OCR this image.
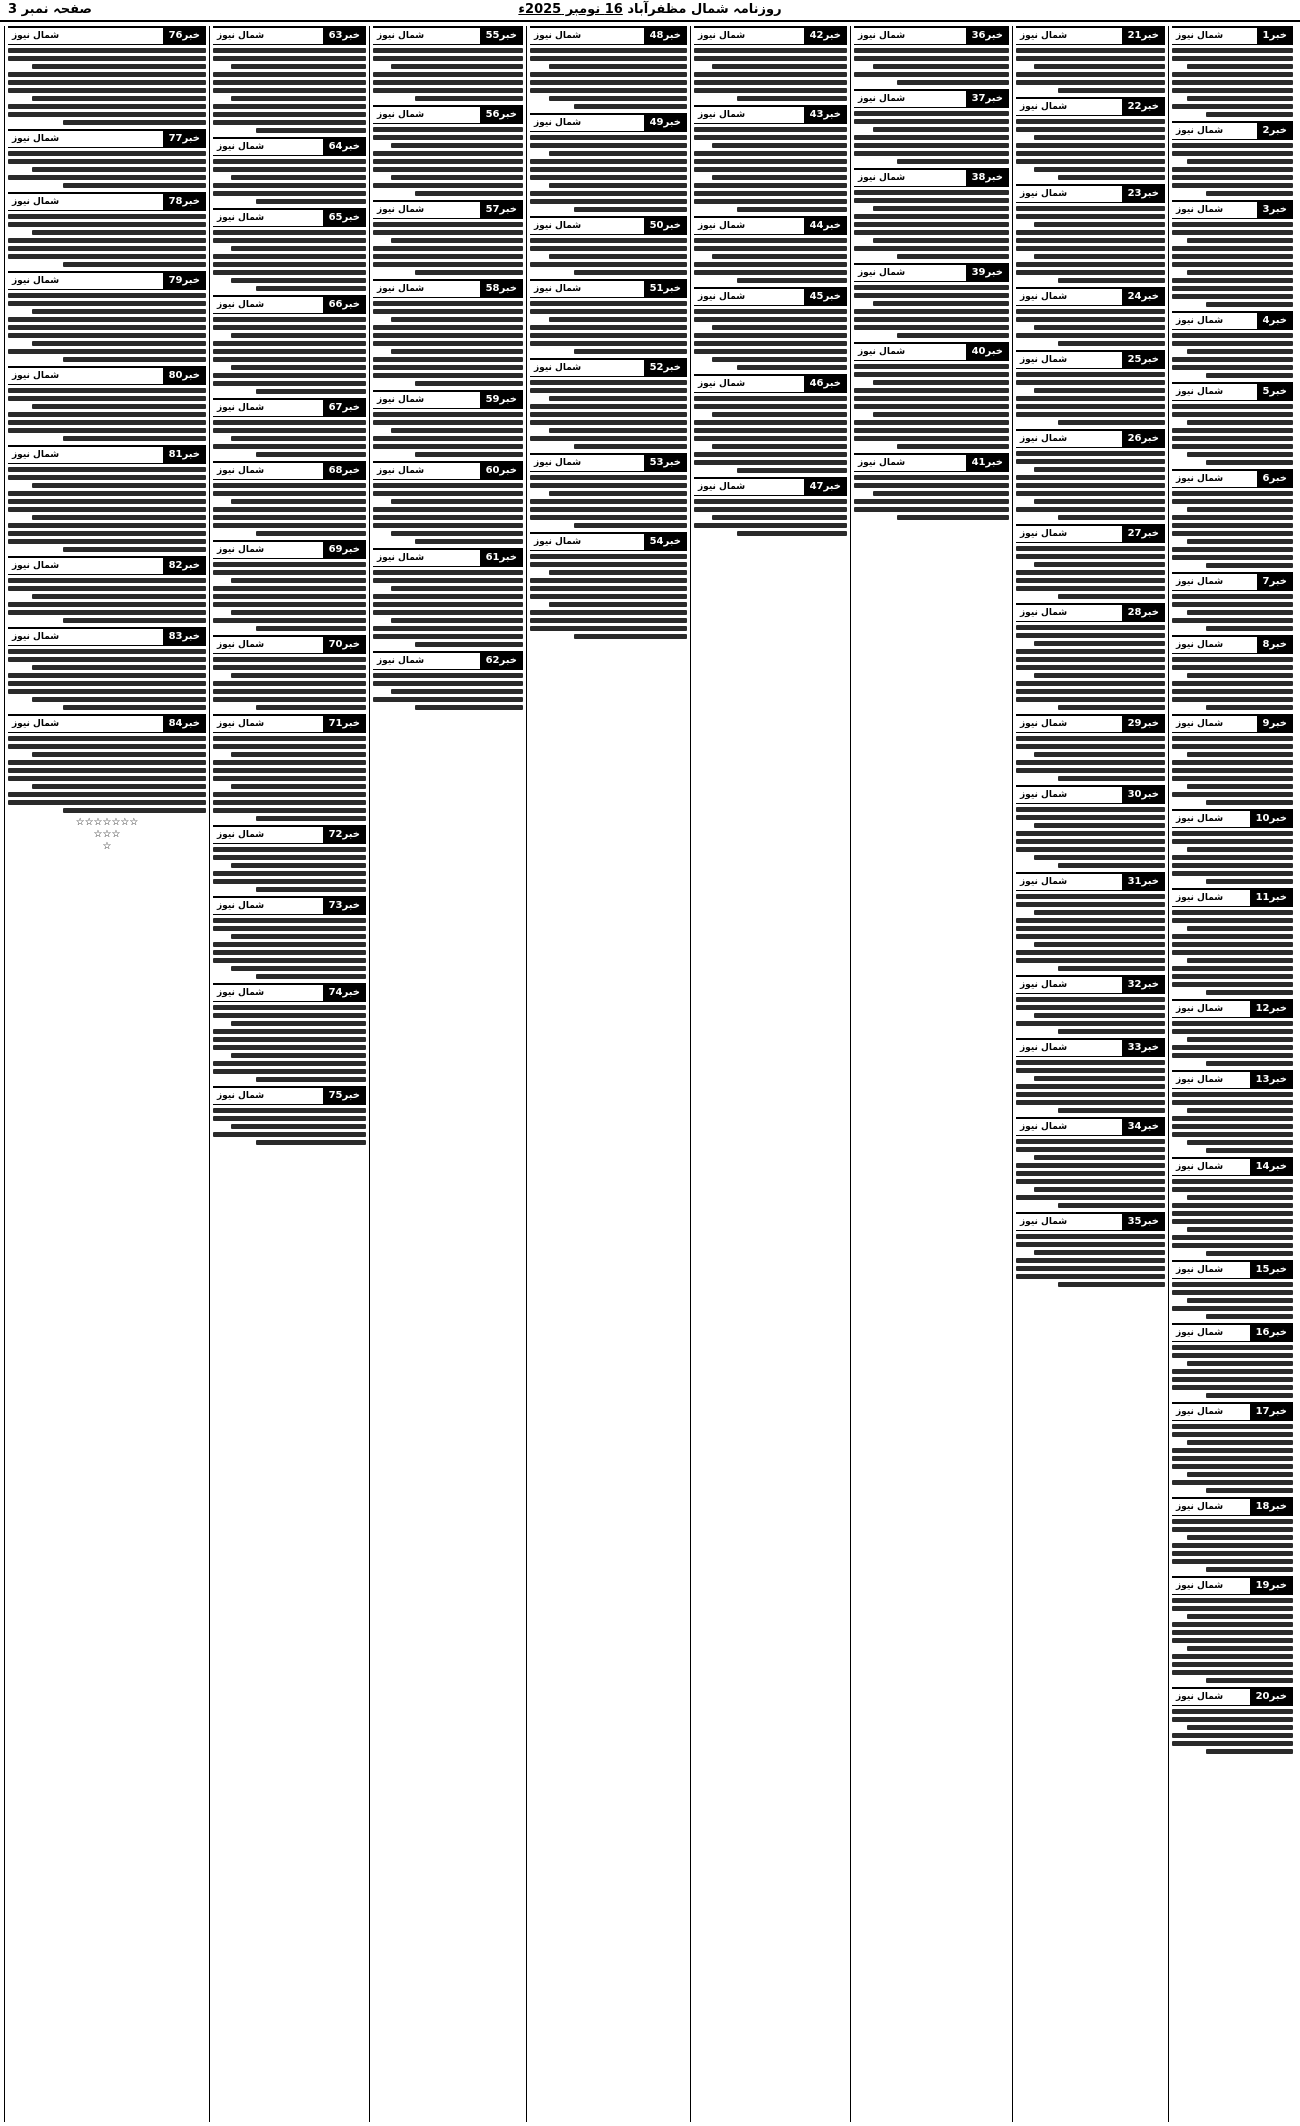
صفحہ نمبر 3	روزنامہ شمال مظفرآباد 16 نومبر 2025ء
خبر1
شمال نیوز
خبر2
شمال نیوز
خبر3
شمال نیوز
خبر4
شمال نیوز
خبر5
شمال نیوز
خبر6
شمال نیوز
خبر7
شمال نیوز
خبر8
شمال نیوز
خبر9
شمال نیوز
خبر10
شمال نیوز
خبر11
شمال نیوز
خبر12
شمال نیوز
خبر13
شمال نیوز
خبر14
شمال نیوز
خبر15
شمال نیوز
خبر16
شمال نیوز
خبر17
شمال نیوز
خبر18
شمال نیوز
خبر19
شمال نیوز
خبر20
شمال نیوز
خبر21
شمال نیوز
خبر22
شمال نیوز
خبر23
شمال نیوز
خبر24
شمال نیوز
خبر25
شمال نیوز
خبر26
شمال نیوز
خبر27
شمال نیوز
خبر28
شمال نیوز
خبر29
شمال نیوز
خبر30
شمال نیوز
خبر31
شمال نیوز
خبر32
شمال نیوز
خبر33
شمال نیوز
خبر34
شمال نیوز
خبر35
شمال نیوز
خبر36
شمال نیوز
خبر37
شمال نیوز
خبر38
شمال نیوز
خبر39
شمال نیوز
خبر40
شمال نیوز
خبر41
شمال نیوز
خبر42
شمال نیوز
خبر43
شمال نیوز
خبر44
شمال نیوز
خبر45
شمال نیوز
خبر46
شمال نیوز
خبر47
شمال نیوز
خبر48
شمال نیوز
خبر49
شمال نیوز
خبر50
شمال نیوز
خبر51
شمال نیوز
خبر52
شمال نیوز
خبر53
شمال نیوز
خبر54
شمال نیوز
خبر55
شمال نیوز
خبر56
شمال نیوز
خبر57
شمال نیوز
خبر58
شمال نیوز
خبر59
شمال نیوز
خبر60
شمال نیوز
خبر61
شمال نیوز
خبر62
شمال نیوز
خبر63
شمال نیوز
خبر64
شمال نیوز
خبر65
شمال نیوز
خبر66
شمال نیوز
خبر67
شمال نیوز
خبر68
شمال نیوز
خبر69
شمال نیوز
خبر70
شمال نیوز
خبر71
شمال نیوز
خبر72
شمال نیوز
خبر73
شمال نیوز
خبر74
شمال نیوز
خبر75
شمال نیوز
خبر76
شمال نیوز
خبر77
شمال نیوز
خبر78
شمال نیوز
خبر79
شمال نیوز
خبر80
شمال نیوز
خبر81
شمال نیوز
خبر82
شمال نیوز
خبر83
شمال نیوز
خبر84
شمال نیوز
☆☆☆☆☆☆☆
☆☆☆
☆
